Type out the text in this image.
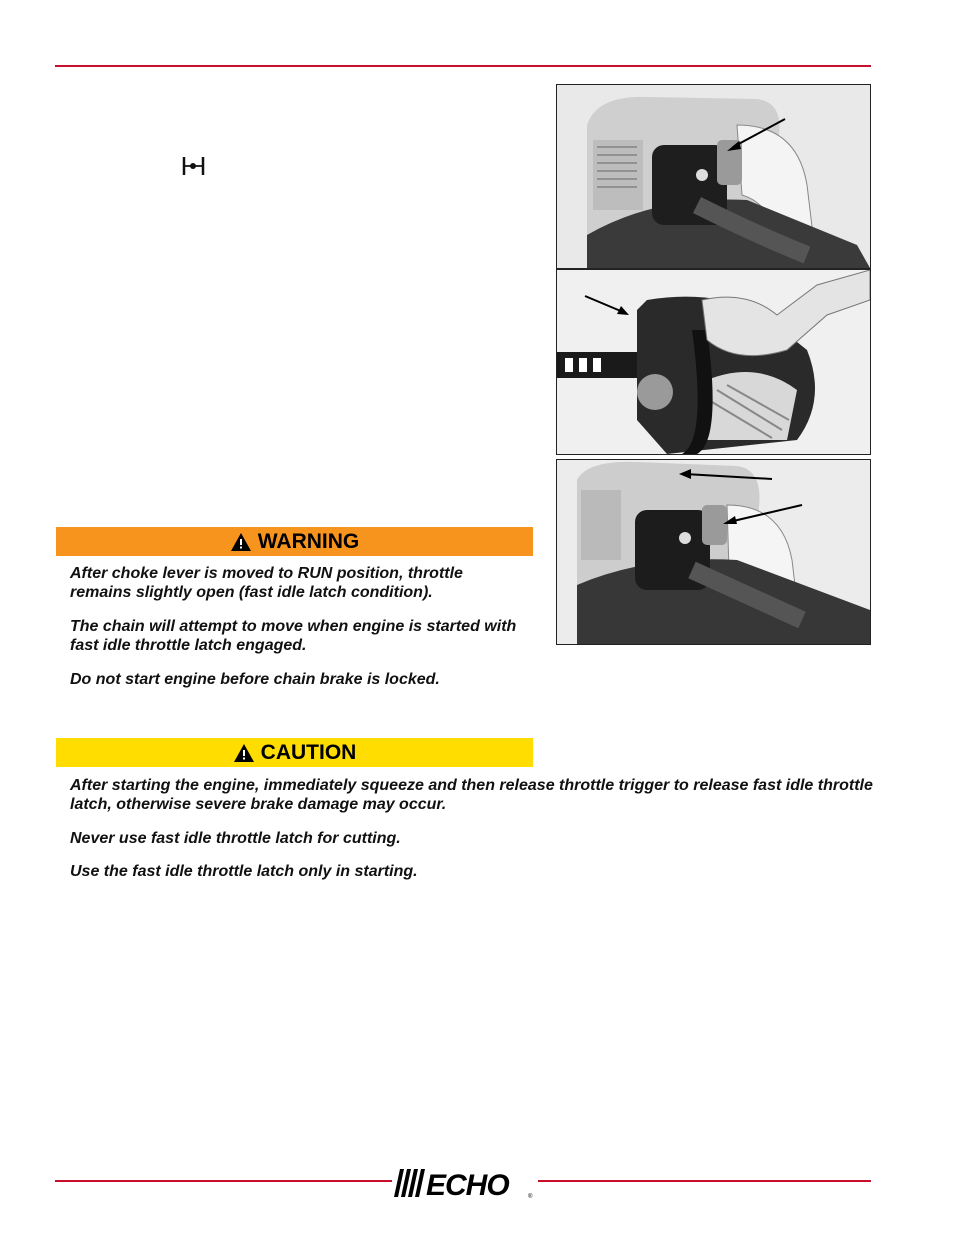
WARNING

After choke lever is moved to RUN position, throttle remains slightly open (fast idle latch condition).

The chain will attempt to move when engine is started with fast idle throttle latch engaged.

Do not start engine before chain brake is locked.

CAUTION

After starting the engine, immediately squeeze and then release throttle trigger to release fast idle throttle latch, otherwise severe brake damage may occur.

Never use fast idle throttle latch for cutting.

Use the fast idle throttle latch only in starting.

ECHO	®
